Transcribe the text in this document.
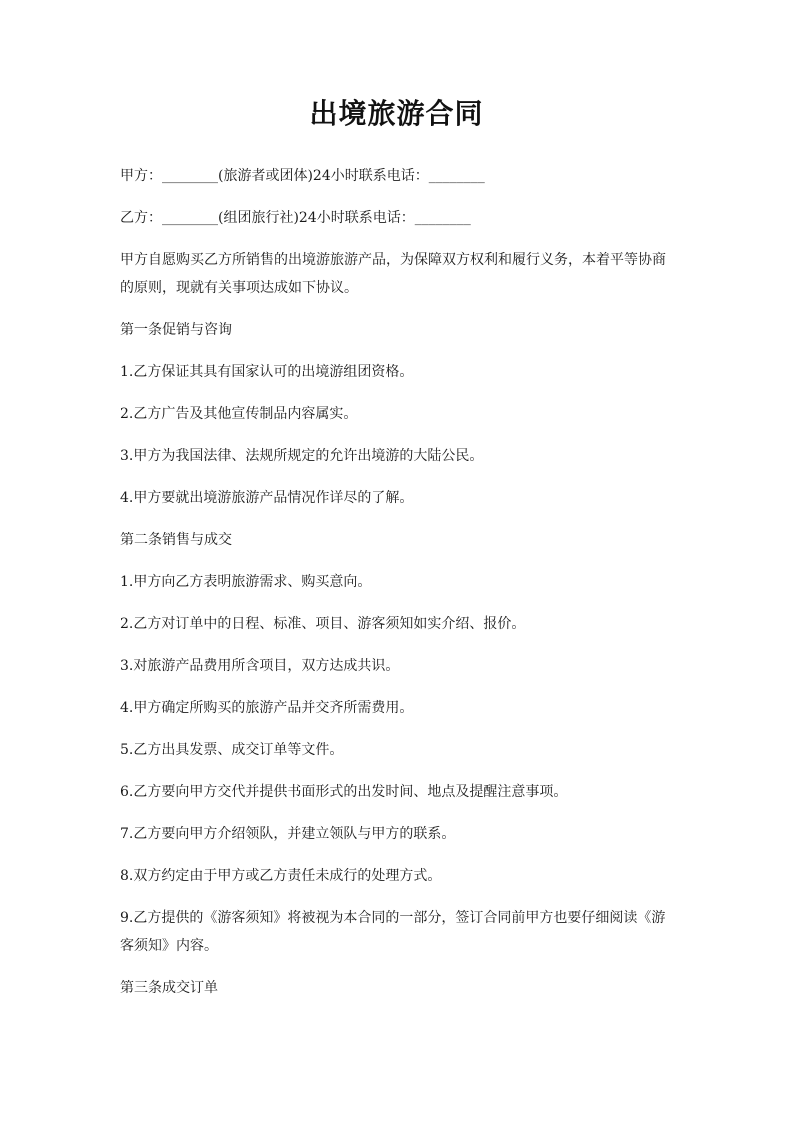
出境旅游合同

甲方：________(旅游者或团体)24小时联系电话：________

乙方：________(组团旅行社)24小时联系电话：________

甲方自愿购买乙方所销售的出境游旅游产品，为保障双方权利和履行义务，本着平等协商的原则，现就有关事项达成如下协议。

第一条促销与咨询

1.乙方保证其具有国家认可的出境游组团资格。

2.乙方广告及其他宣传制品内容属实。

3.甲方为我国法律、法规所规定的允许出境游的大陆公民。

4.甲方要就出境游旅游产品情况作详尽的了解。

第二条销售与成交

1.甲方向乙方表明旅游需求、购买意向。

2.乙方对订单中的日程、标准、项目、游客须知如实介绍、报价。

3.对旅游产品费用所含项目，双方达成共识。

4.甲方确定所购买的旅游产品并交齐所需费用。

5.乙方出具发票、成交订单等文件。

6.乙方要向甲方交代并提供书面形式的出发时间、地点及提醒注意事项。

7.乙方要向甲方介绍领队，并建立领队与甲方的联系。

8.双方约定由于甲方或乙方责任未成行的处理方式。

9.乙方提供的《游客须知》将被视为本合同的一部分，签订合同前甲方也要仔细阅读《游客须知》内容。

第三条成交订单
